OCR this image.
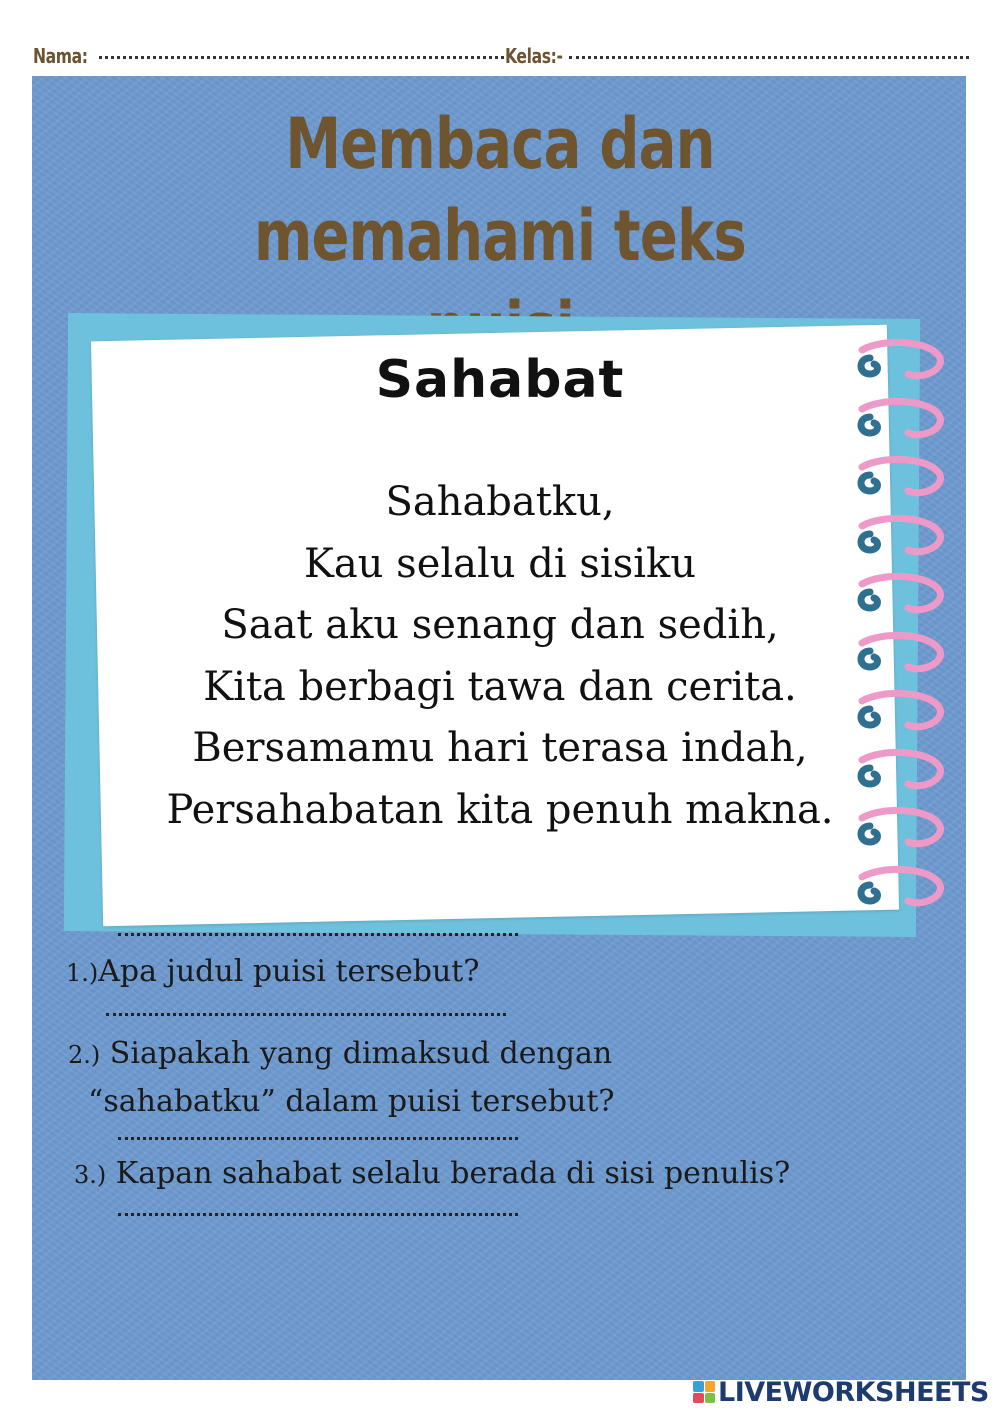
Nama:	Kelas:-
Membaca dan memahami teks
Sahabat
Sahabatku,
Kau selalu di sisiku
Saat aku senang dan sedih,
Kita berbagi tawa dan cerita.
Bersamamu hari terasa indah,
Persahabatan kita penuh makna.
1.)Apa judul puisi tersebut?
2.) Siapakah yang dimaksud dengan
“sahabatku” dalam puisi tersebut?
3.) Kapan sahabat selalu berada di sisi penulis?
LIVEWORKSHEETS
